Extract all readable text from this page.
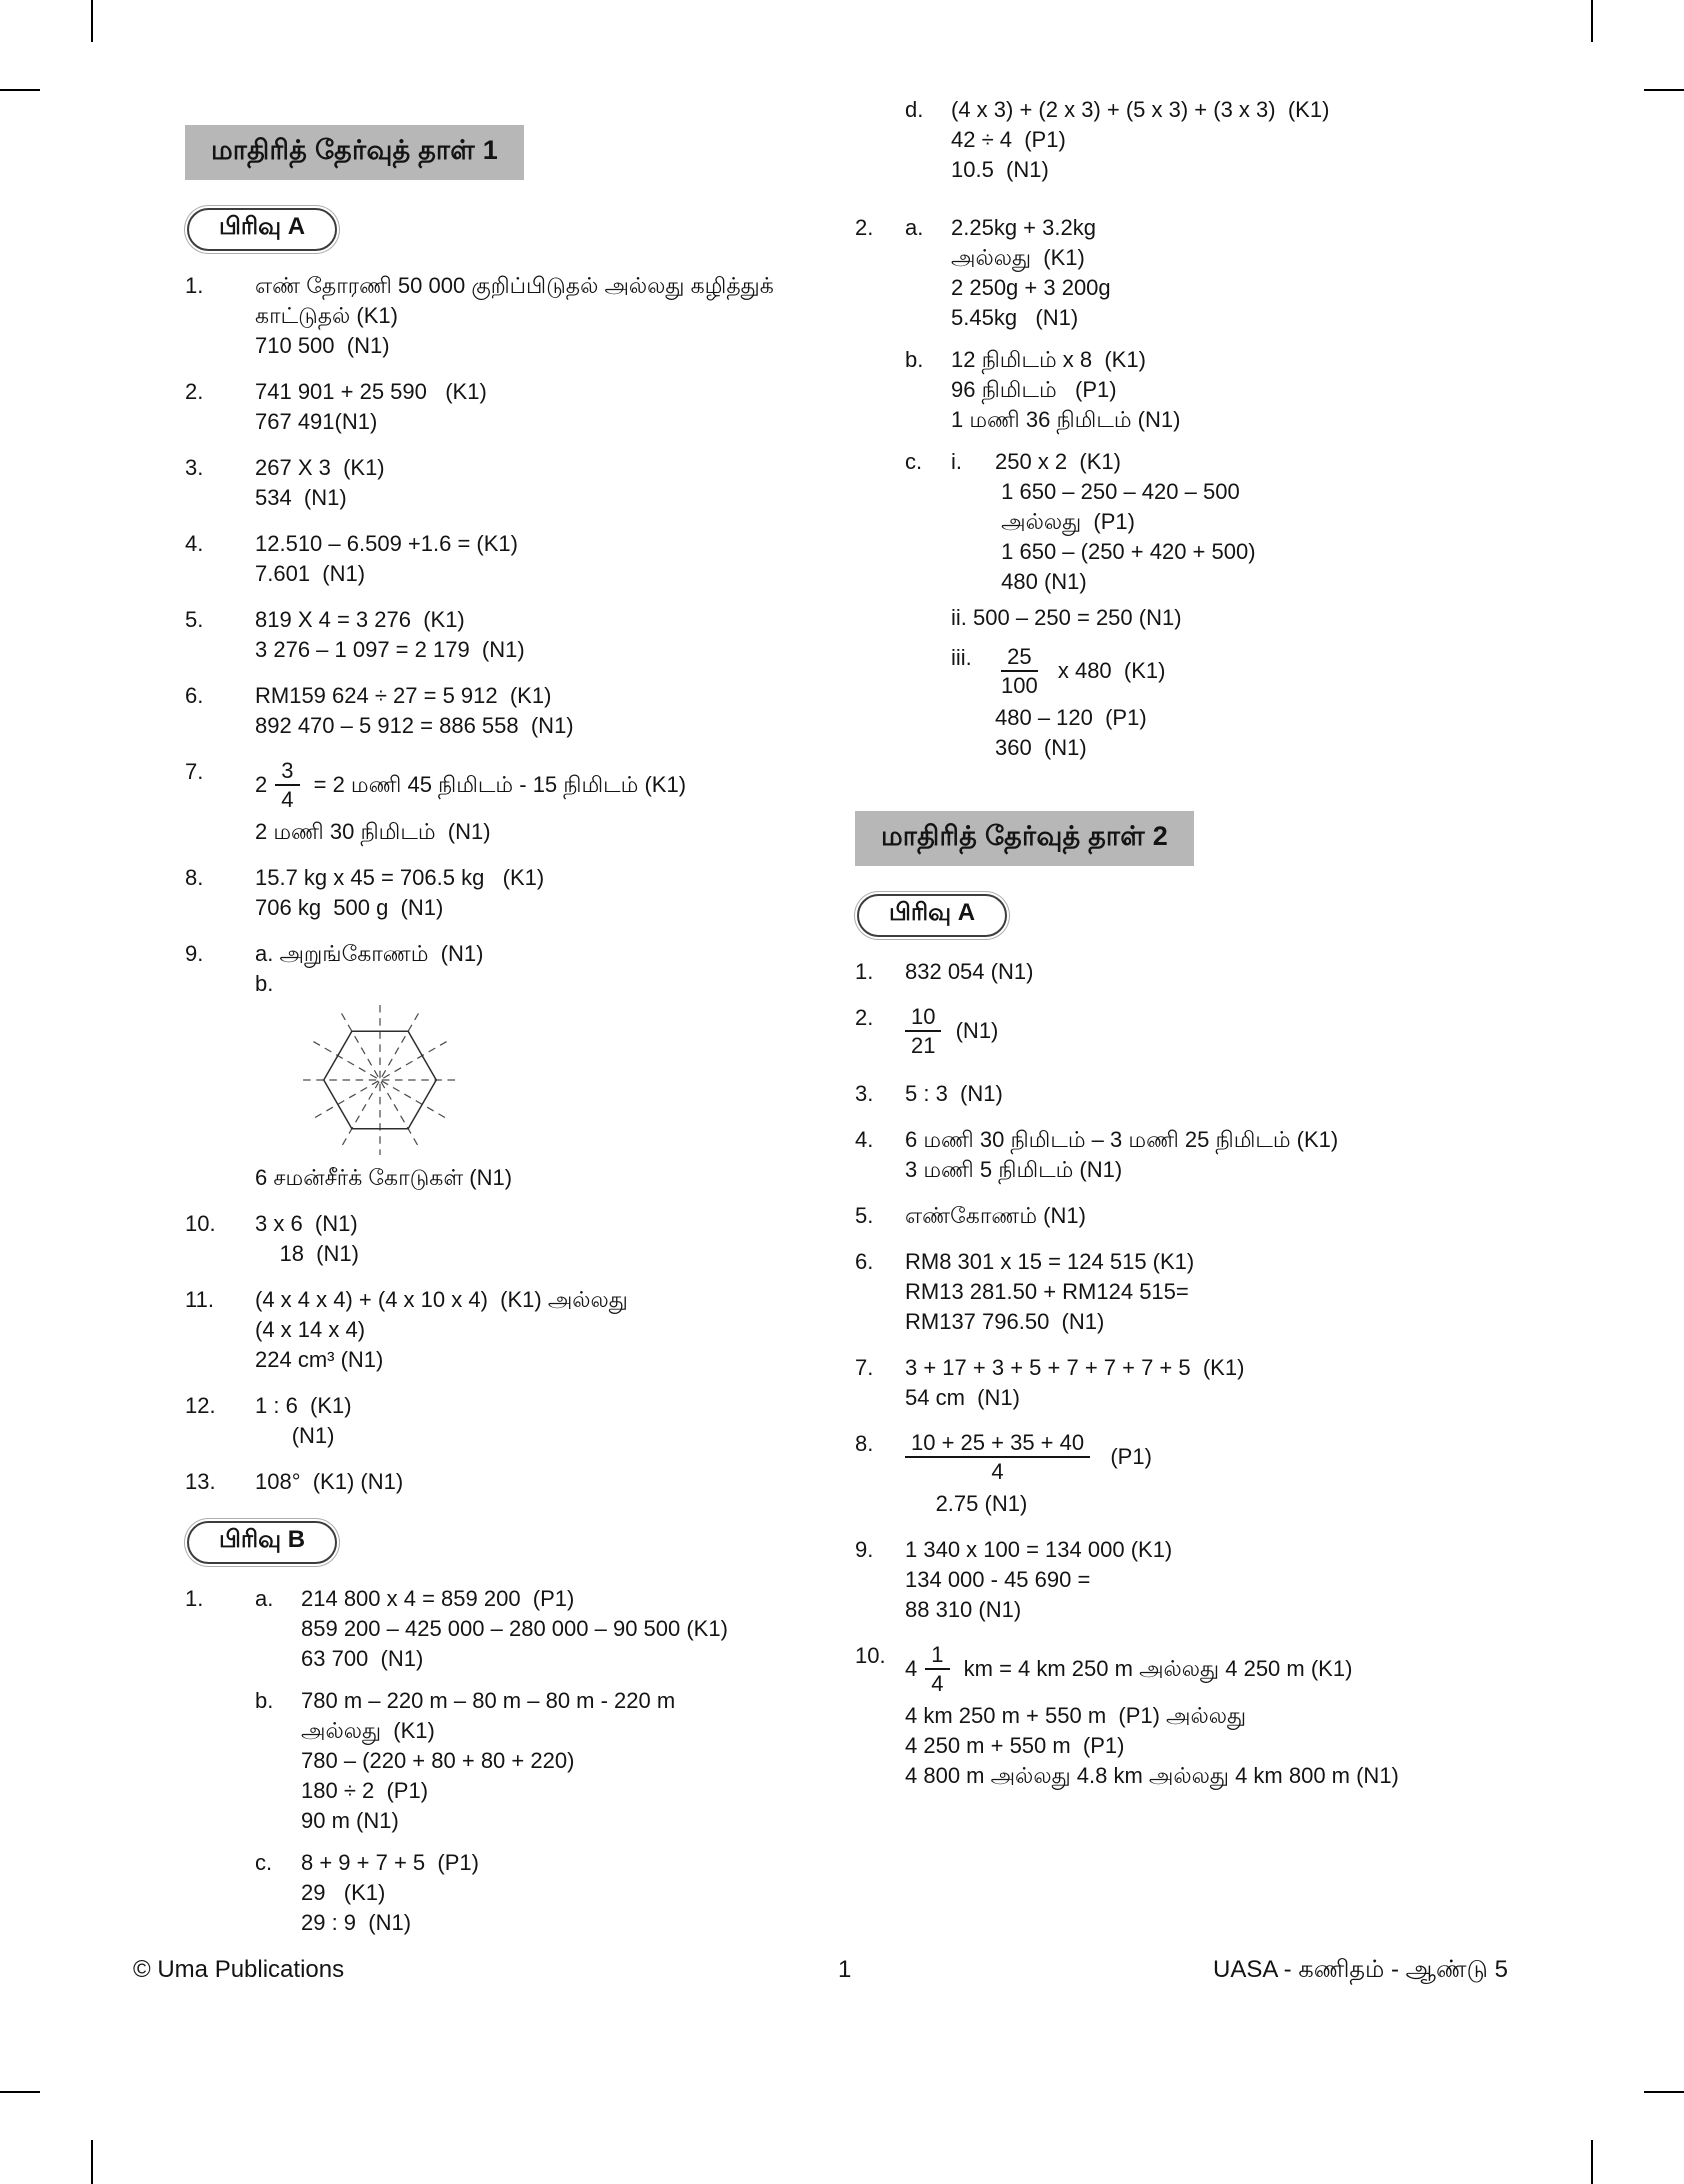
மாதிரித் தேர்வுத் தாள் 1
பிரிவு A
1.	எண் தோரணி 50 000 குறிப்பிடுதல் அல்லது கழித்துக்
காட்டுதல் (K1)
710 500  (N1)
2.	741 901 + 25 590   (K1)
767 491(N1)
3.	267 X 3  (K1)
534  (N1)
4.	12.510 – 6.509 +1.6 = (K1)
7.601  (N1)
5.	819 X 4 = 3 276  (K1)
3 276 – 1 097 = 2 179  (N1)
6.	RM159 624 ÷ 27 = 5 912  (K1)
892 470 – 5 912 = 886 558  (N1)
7.
$2 \frac{3}{4} = 2$ மணி 45 நிமிடம் - 15 நிமிடம் (K1)
2 மணி 30 நிமிடம்  (N1)
8.	15.7 kg x 45 = 706.5 kg   (K1)
706 kg  500 g  (N1)
9.	a. அறுங்கோணம்  (N1)
b.
6 சமன்சீர்க் கோடுகள் (N1)
10.	3 x 6  (N1)
18  (N1)
11.	(4 x 4 x 4) + (4 x 10 x 4)  (K1) அல்லது
(4 x 14 x 4)
224 cm³ (N1)
12.	1 : 6  (K1)
(N1)
13.	108°  (K1) (N1)
பிரிவு B
1.	a.	214 800 x 4 = 859 200  (P1)
859 200 – 425 000 – 280 000 – 90 500 (K1)
63 700  (N1)
b.	780 m – 220 m – 80 m – 80 m - 220 m
அல்லது  (K1)
780 – (220 + 80 + 80 + 220)
180 ÷ 2  (P1)
90 m (N1)
c.	8 + 9 + 7 + 5  (P1)
29   (K1)
29 : 9  (N1)
d.	(4 x 3) + (2 x 3) + (5 x 3) + (3 x 3)  (K1)
42 ÷ 4  (P1)
10.5  (N1)
2.	a.	2.25kg + 3.2kg
அல்லது  (K1)
2 250g + 3 200g
5.45kg   (N1)
b.	12 நிமிடம் x 8  (K1)
96 நிமிடம்   (P1)
1 மணி 36 நிமிடம் (N1)
c.	i.	250 x 2  (K1)
1 650 – 250 – 420 – 500
அல்லது  (P1)
1 650 – (250 + 420 + 500)
480 (N1)
ii. 500 – 250 = 250 (N1)
iii.	$\frac{25}{100}$ x 480  (K1)
480 – 120  (P1)
360  (N1)
மாதிரித் தேர்வுத் தாள் 2
பிரிவு A
1.	832 054 (N1)
2.	$\frac{10}{21} (N1)$
3.	5 : 3  (N1)
4.	6 மணி 30 நிமிடம் – 3 மணி 25 நிமிடம் (K1)
3 மணி 5 நிமிடம் (N1)
5.	எண்கோணம் (N1)
6.	RM8 301 x 15 = 124 515 (K1)
RM13 281.50 + RM124 515=
RM137 796.50  (N1)
7.	3 + 17 + 3 + 5 + 7 + 7 + 7 + 5  (K1)
54 cm  (N1)
8.	$\frac{10 + 25 + 35 + 40}{4} (P1)$
2.75 (N1)
9.	1 340 x 100 = 134 000 (K1)
134 000 - 45 690 =
88 310 (N1)
10.
$4 \frac{1}{4}$ km = 4 km 250 m அல்லது 4 250 m (K1)
4 km 250 m + 550 m  (P1) அல்லது
4 250 m + 550 m  (P1)
4 800 m அல்லது 4.8 km அல்லது 4 km 800 m (N1)
© Uma Publications	1	UASA - கணிதம் - ஆண்டு 5
